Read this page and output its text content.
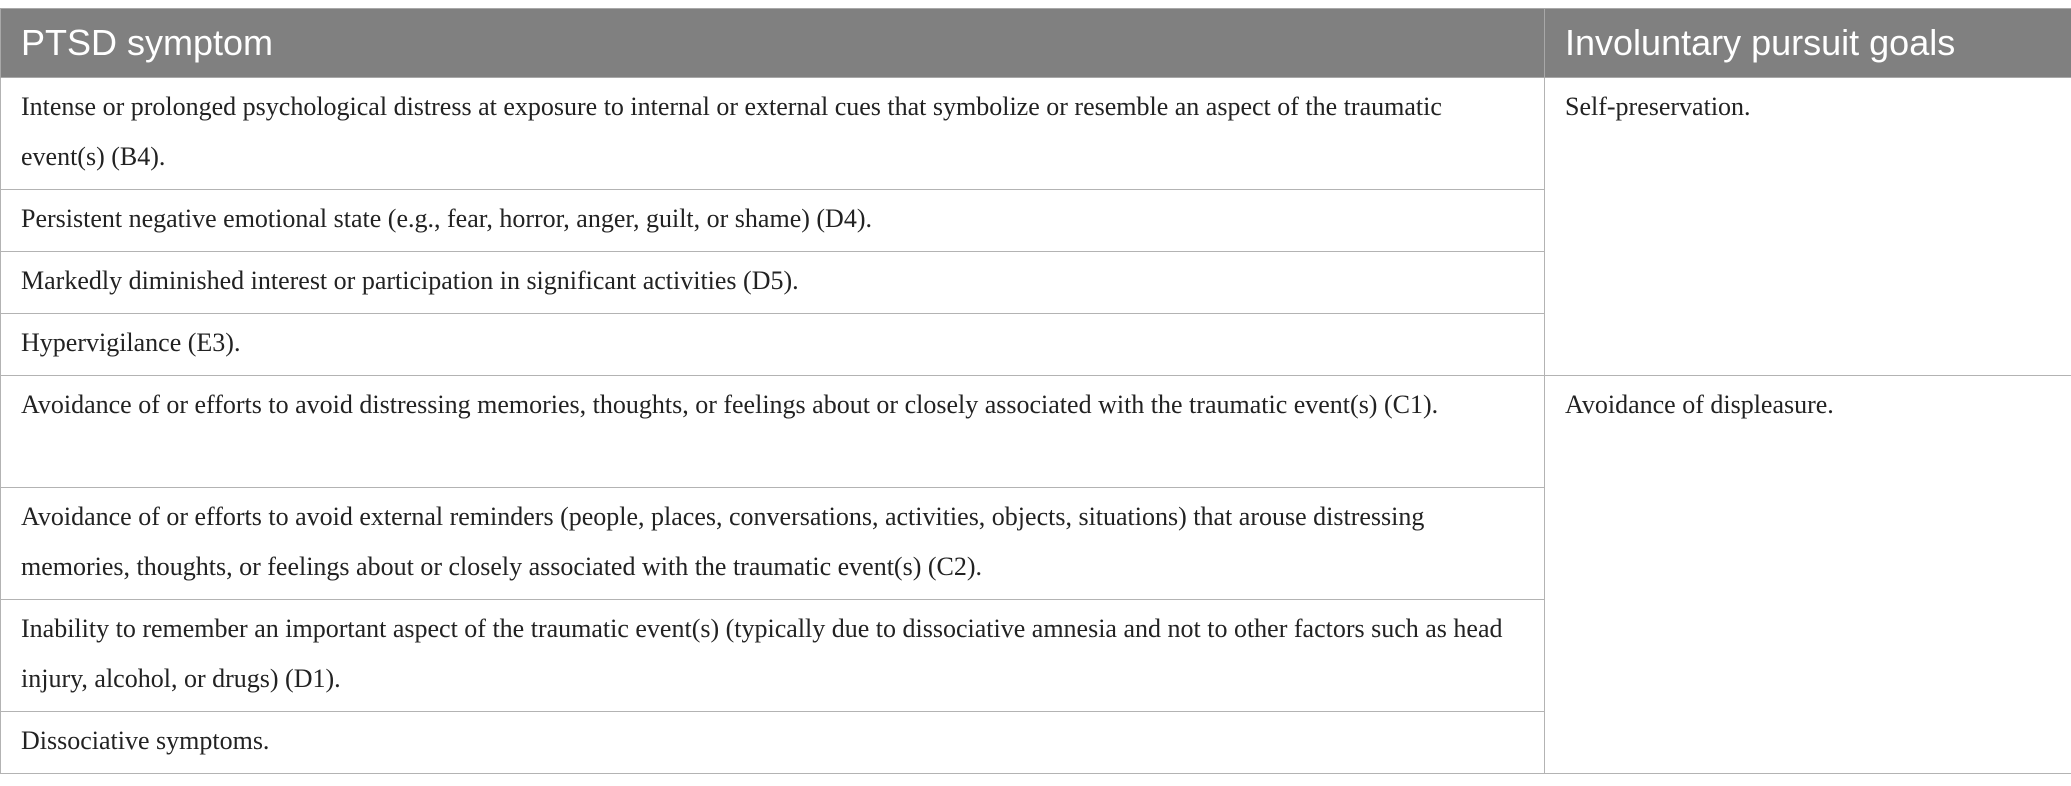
PTSD symptom	Involuntary pursuit goals
Intense or prolonged psychological distress at exposure to internal or external cues that symbolize or resemble an aspect of the traumatic event(s) (B4).	Self-preservation.
Persistent negative emotional state (e.g., fear, horror, anger, guilt, or shame) (D4).	
Markedly diminished interest or participation in significant activities (D5).	
Hypervigilance (E3).	
Avoidance of or efforts to avoid distressing memories, thoughts, or feelings about or closely associated with the traumatic event(s) (C1).	Avoidance of displeasure.
Avoidance of or efforts to avoid external reminders (people, places, conversations, activities, objects, situations) that arouse distressing memories, thoughts, or feelings about or closely associated with the traumatic event(s) (C2).	
Inability to remember an important aspect of the traumatic event(s) (typically due to dissociative amnesia and not to other factors such as head injury, alcohol, or drugs) (D1).	
Dissociative symptoms.	
